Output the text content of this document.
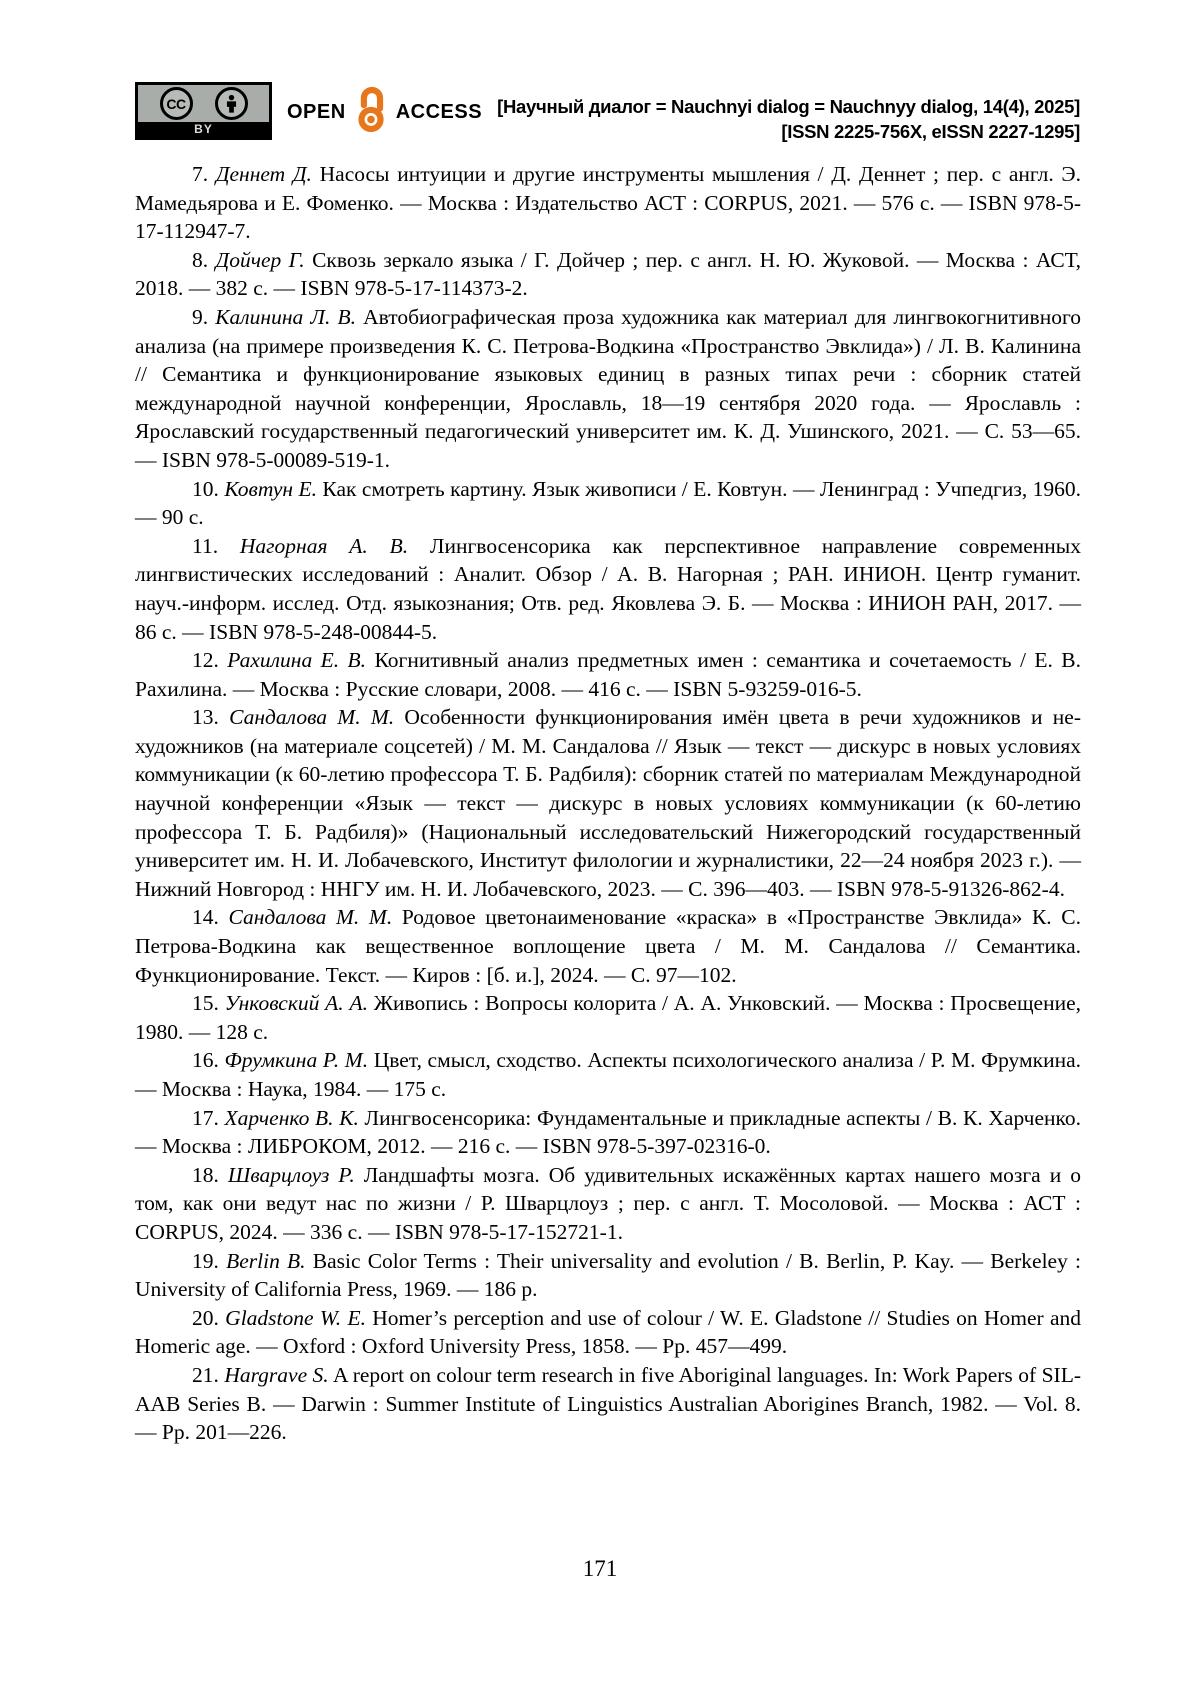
CC
BY
OPEN	ACCESS [Научный диалог = Nauchnyi dialog = Nauchnyy dialog, 14(4), 2025]
[ISSN 2225-756X, eISSN 2227-1295]

7. Деннет Д. Насосы интуиции и другие инструменты мышления / Д. Деннет ; пер. с англ. Э. Мамедьярова и Е. Фоменко. — Москва : Издательство АСТ : CORPUS, 2021. — 576 с. — ISBN 978-5-17-112947-7.

8. Дойчер Г. Сквозь зеркало языка / Г. Дойчер ; пер. с англ. Н. Ю. Жуковой. — Москва : АСТ, 2018. — 382 с. — ISBN 978-5-17-114373-2.

9. Калинина Л. В. Автобиографическая проза художника как материал для лингвокогнитивного анализа (на примере произведения К. С. Петрова-Водкина «Пространство Эвклида») / Л. В. Калинина // Семантика и функционирование языковых единиц в разных типах речи : сборник статей международной научной конференции, Ярославль, 18—19 сентября 2020 года. — Ярославль : Ярославский государственный педагогический университет им. К. Д. Ушинского, 2021. — С. 53—65. — ISBN 978-5-00089-519-1.

10. Ковтун Е. Как смотреть картину. Язык живописи / Е. Ковтун. — Ленинград : Учпедгиз, 1960. — 90 с.

11. Нагорная А. В. Лингвосенсорика как перспективное направление современных лингвистических исследований : Аналит. Обзор / А. В. Нагорная ; РАН. ИНИОН. Центр гуманит. науч.-информ. исслед. Отд. языкознания; Отв. ред. Яковлева Э. Б. — Москва : ИНИОН РАН, 2017. — 86 с. — ISBN 978-5-248-00844-5.

12. Рахилина Е. В. Когнитивный анализ предметных имен : семантика и сочетаемость / Е. В. Рахилина. — Москва : Русские словари, 2008. — 416 с. — ISBN 5-93259-016-5.

13. Сандалова М. М. Особенности функционирования имён цвета в речи художников и не-художников (на материале соцсетей) / М. М. Сандалова // Язык — текст — дискурс в новых условиях коммуникации (к 60-летию профессора Т. Б. Радбиля): сборник статей по материалам Международной научной конференции «Язык — текст — дискурс в новых условиях коммуникации (к 60-летию профессора Т. Б. Радбиля)» (Национальный исследовательский Нижегородский государственный университет им. Н. И. Лобачевского, Институт филологии и журналистики, 22—24 ноября 2023 г.). — Нижний Новгород : ННГУ им. Н. И. Лобачевского, 2023. — С. 396—403. — ISBN 978-5-91326-862-4.

14. Сандалова М. М. Родовое цветонаименование «краска» в «Пространстве Эвклида» К. С. Петрова-Водкина как вещественное воплощение цвета / М. М. Сандалова // Семантика. Функционирование. Текст. — Киров : [б. и.], 2024. — С. 97—102.

15. Унковский А. А. Живопись : Вопросы колорита / А. А. Унковский. — Москва : Просвещение, 1980. — 128 с.

16. Фрумкина Р. М. Цвет, смысл, сходство. Аспекты психологического анализа / Р. М. Фрумкина. — Москва : Наука, 1984. — 175 с.

17. Харченко В. К. Лингвосенсорика: Фундаментальные и прикладные аспекты / В. К. Харченко. — Москва : ЛИБРОКОМ, 2012. — 216 с. — ISBN 978-5-397-02316-0.

18. Шварцлоуз Р. Ландшафты мозга. Об удивительных искажённых картах нашего мозга и о том, как они ведут нас по жизни / Р. Шварцлоуз ; пер. с англ. Т. Мосоловой. — Москва : АСТ : CORPUS, 2024. — 336 с. — ISBN 978-5-17-152721-1.

19. Berlin B. Basic Color Terms : Their universality and evolution / B. Berlin, P. Kay. — Berkeley : University of California Press, 1969. — 186 p.

20. Gladstone W. E. Homer’s perception and use of colour / W. E. Gladstone // Studies on Homer and Homeric age. — Oxford : Oxford University Press, 1858. — Pp. 457—499.

21. Hargrave S. A report on colour term research in five Aboriginal languages. In: Work Papers of SIL-AAB Series B. — Darwin : Summer Institute of Linguistics Australian Aborigines Branch, 1982. — Vol. 8. — Pp. 201—226.

171
